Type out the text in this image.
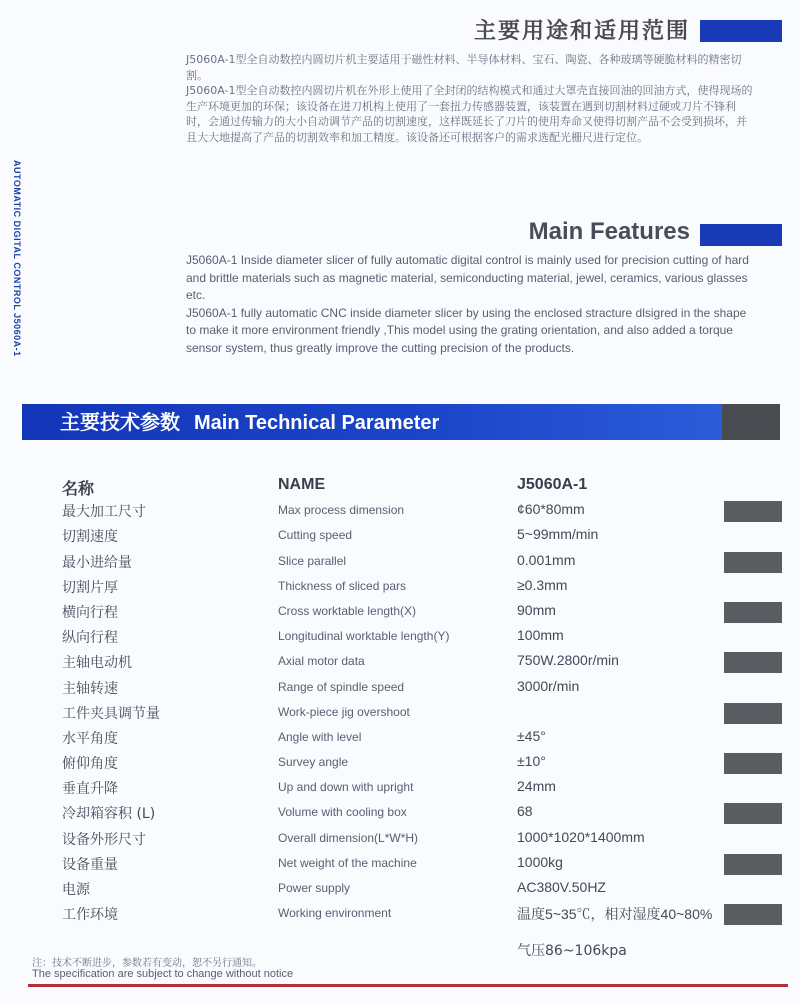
AUTOMATIC DIGITAL CONTROL J5060A-1
主要用途和适用范围

J5060A-1型全自动数控内圆切片机主要适用于磁性材料、半导体材料、宝石、陶瓷、各种玻璃等硬脆材料的精密切割。

J5060A-1型全自动数控内圆切片机在外形上使用了全封闭的结构模式和通过大罩壳直接回油的回油方式，使得现场的生产环境更加的环保；该设备在进刀机构上使用了一套扭力传感器装置，该装置在遇到切割材料过硬或刀片不锋利时，会通过传输力的大小自动调节产品的切割速度，这样既延长了刀片的使用寿命又使得切割产品不会受到损坏，并且大大地提高了产品的切割效率和加工精度。该设备还可根据客户的需求选配光栅尺进行定位。

Main Features

J5060A-1 Inside diameter slicer of fully automatic digital control is mainly used for precision cutting of hard and brittle materials such as magnetic material, semiconducting material, jewel, ceramics, various glasses etc.

J5060A-1 fully automatic CNC inside diameter slicer by using the enclosed stracture dlsigred in the shape to make it more environment friendly ,This model using the grating orientation, and also added a torque sensor system, thus greatly improve the cutting precision of the products.

主要技术参数 Main Technical Parameter
名称	NAME	J5060A-1
最大加工尺寸	Max process dimension	¢60*80mm
切割速度	Cutting speed	5~99mm/min
最小进给量	Slice parallel	0.001mm
切割片厚	Thickness of sliced pars	≥0.3mm
横向行程	Cross worktable length(X)	90mm
纵向行程	Longitudinal worktable length(Y)	100mm
主轴电动机	Axial motor data	750W.2800r/min
主轴转速	Range of spindle speed	3000r/min
工件夹具调节量	Work-piece jig overshoot
水平角度	Angle with level	±45°
俯仰角度	Survey angle	±10°
垂直升降	Up and down with upright	24mm
冷却箱容积 (L)	Volume with cooling box	68
设备外形尺寸	Overall dimension(L*W*H)	1000*1020*1400mm
设备重量	Net weight of the machine	1000kg
电源	Power supply	AC380V.50HZ
工作环境	Working environment	温度5~35℃，相对湿度40~80%
气压86~106kpa
注：技术不断进步，参数若有变动，恕不另行通知。
The specification are subject to change without notice
